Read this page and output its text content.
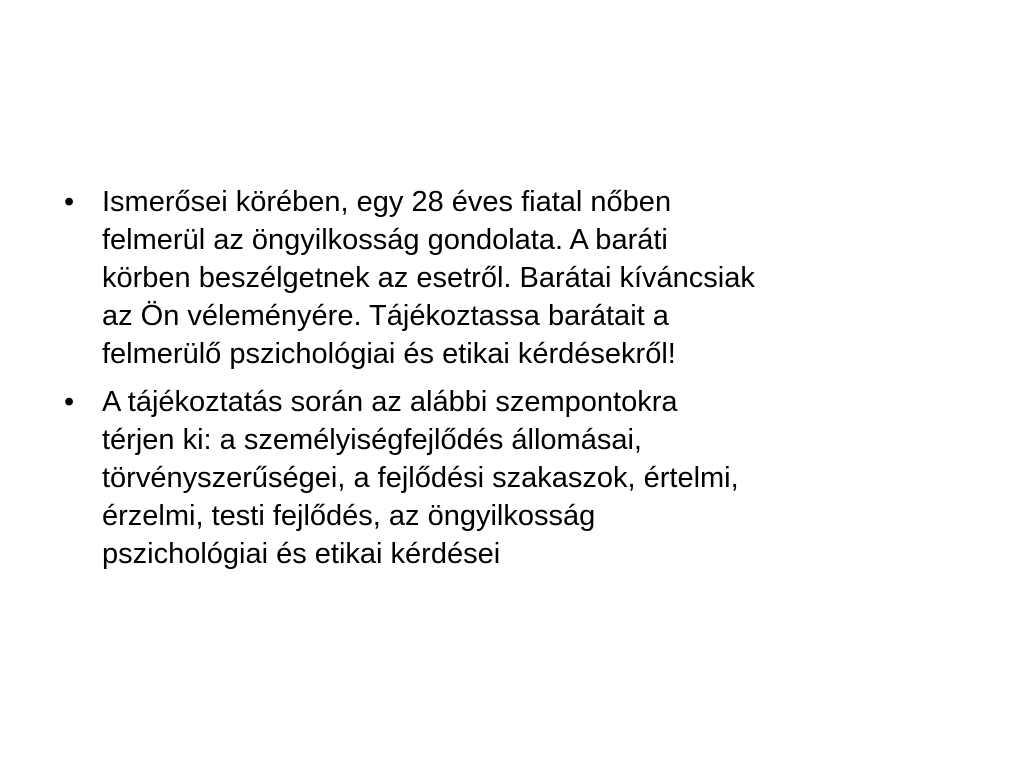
• Ismerősei körében, egy 28 éves fiatal nőben
felmerül az öngyilkosság gondolata. A baráti
körben beszélgetnek az esetről. Barátai kíváncsiak
az Ön véleményére. Tájékoztassa barátait a
felmerülő pszichológiai és etikai kérdésekről!
• A tájékoztatás során az alábbi szempontokra
térjen ki: a személyiségfejlődés állomásai,
törvényszerűségei, a fejlődési szakaszok, értelmi,
érzelmi, testi fejlődés, az öngyilkosság
pszichológiai és etikai kérdései
